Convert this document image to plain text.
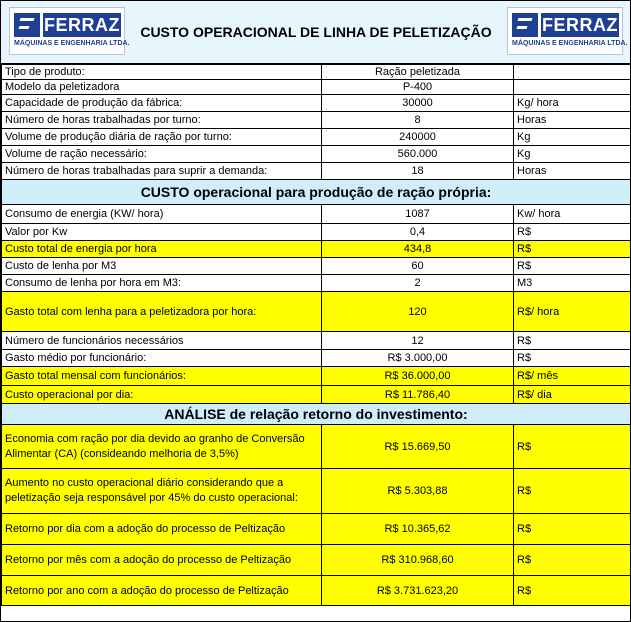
FERRAZ
MÁQUINAS E ENGENHARIA LTDA.
CUSTO OPERACIONAL DE LINHA DE PELETIZAÇÃO	FERRAZ
MÁQUINAS E ENGENHARIA LTDA.
Tipo de produto:	Ração peletizada	
Modelo da peletizadora	P-400	
Capacidade de produção da fábrica:	30000	Kg/ hora
Número de horas trabalhadas por turno:	8	Horas
Volume de produção diária de ração por turno:	240000	Kg
Volume de ração necessário:	560.000	Kg
Número de horas trabalhadas para suprir a demanda:	18	Horas
CUSTO operacional para produção de ração própria:		
Consumo de energia (KW/ hora)	1087	Kw/ hora
Valor por Kw	0,4	R$
Custo total de energia por hora	434,8	R$
Custo de lenha por M3	60	R$
Consumo de lenha por hora em M3:	2	M3
Gasto total com lenha para a peletizadora por hora:	120	R$/ hora
Número de funcionários necessários	12	R$
Gasto médio por funcionário:	R$ 3.000,00	R$
Gasto total mensal com funcionários:	R$ 36.000,00	R$/ mês
Custo operacional por dia:	R$ 11.786,40	R$/ dia
ANÁLISE de relação retorno do investimento:		
Economia com ração por dia devido ao granho de Conversão Alimentar (CA) (consideando melhoria de 3,5%)	R$ 15.669,50	R$
Aumento no custo operacional diário considerando que a peletização seja responsável por 45% do custo operacional:	R$ 5.303,88	R$
Retorno por dia com a adoção do processo de Peltização	R$ 10.365,62	R$
Retorno por mês com a adoção do processo de Peltização	R$ 310.968,60	R$
Retorno por ano com a adoção do processo de Peltização	R$ 3.731.623,20	R$
